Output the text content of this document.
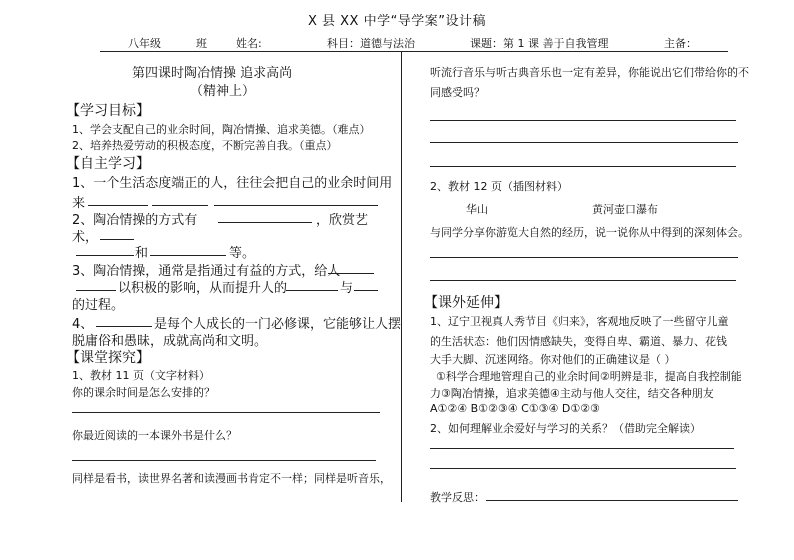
X 县 XX 中学“导学案”设计稿
八年级	班	姓名:	科目：道德与法治	课题：第 1 课 善于自我管理	主备：
第四课时陶冶情操 追求高尚
（精神上）
【学习目标】
1、学会支配自己的业余时间，陶冶情操、追求美德。（难点）
2、培养热爱劳动的积极态度，不断完善自我。（重点）
【自主学习】
1、一个生活态度端正的人，往往会把自己的业余时间用
来
2、陶冶情操的方式有	，欣赏艺
术，
和	等。
3、陶冶情操，通常是指通过有益的方式，给人
以积极的影响，从而提升人的	与
的过程。
4、	是每个人成长的一门必修课，它能够让人摆
脱庸俗和愚昧，成就高尚和文明。
【课堂探究】
1、教材 11 页（文字材料）
你的课余时间是怎么安排的？
你最近阅读的一本课外书是什么？
同样是看书，读世界名著和读漫画书肯定不一样；同样是听音乐，
听流行音乐与听古典音乐也一定有差异，你能说出它们带给你的不
同感受吗？
2、教材 12 页（插图材料）
华山	黄河壶口瀑布
与同学分享你游览大自然的经历，说一说你从中得到的深刻体会。
【课外延伸】
1、辽宁卫视真人秀节目《归来》，客观地反映了一些留守儿童
的生活状态：他们因情感缺失，变得自卑、霸道、暴力、花钱
大手大脚、沉迷网络。你对他们的正确建议是（ ）
①科学合理地管理自己的业余时间②明辨是非，提高自我控制能
力③陶冶情操，追求美德④主动与他人交往，结交各种朋友
A①②④ B①②③④ C①③④ D①②③
2、如何理解业余爱好与学习的关系？（借助完全解读）
教学反思：
